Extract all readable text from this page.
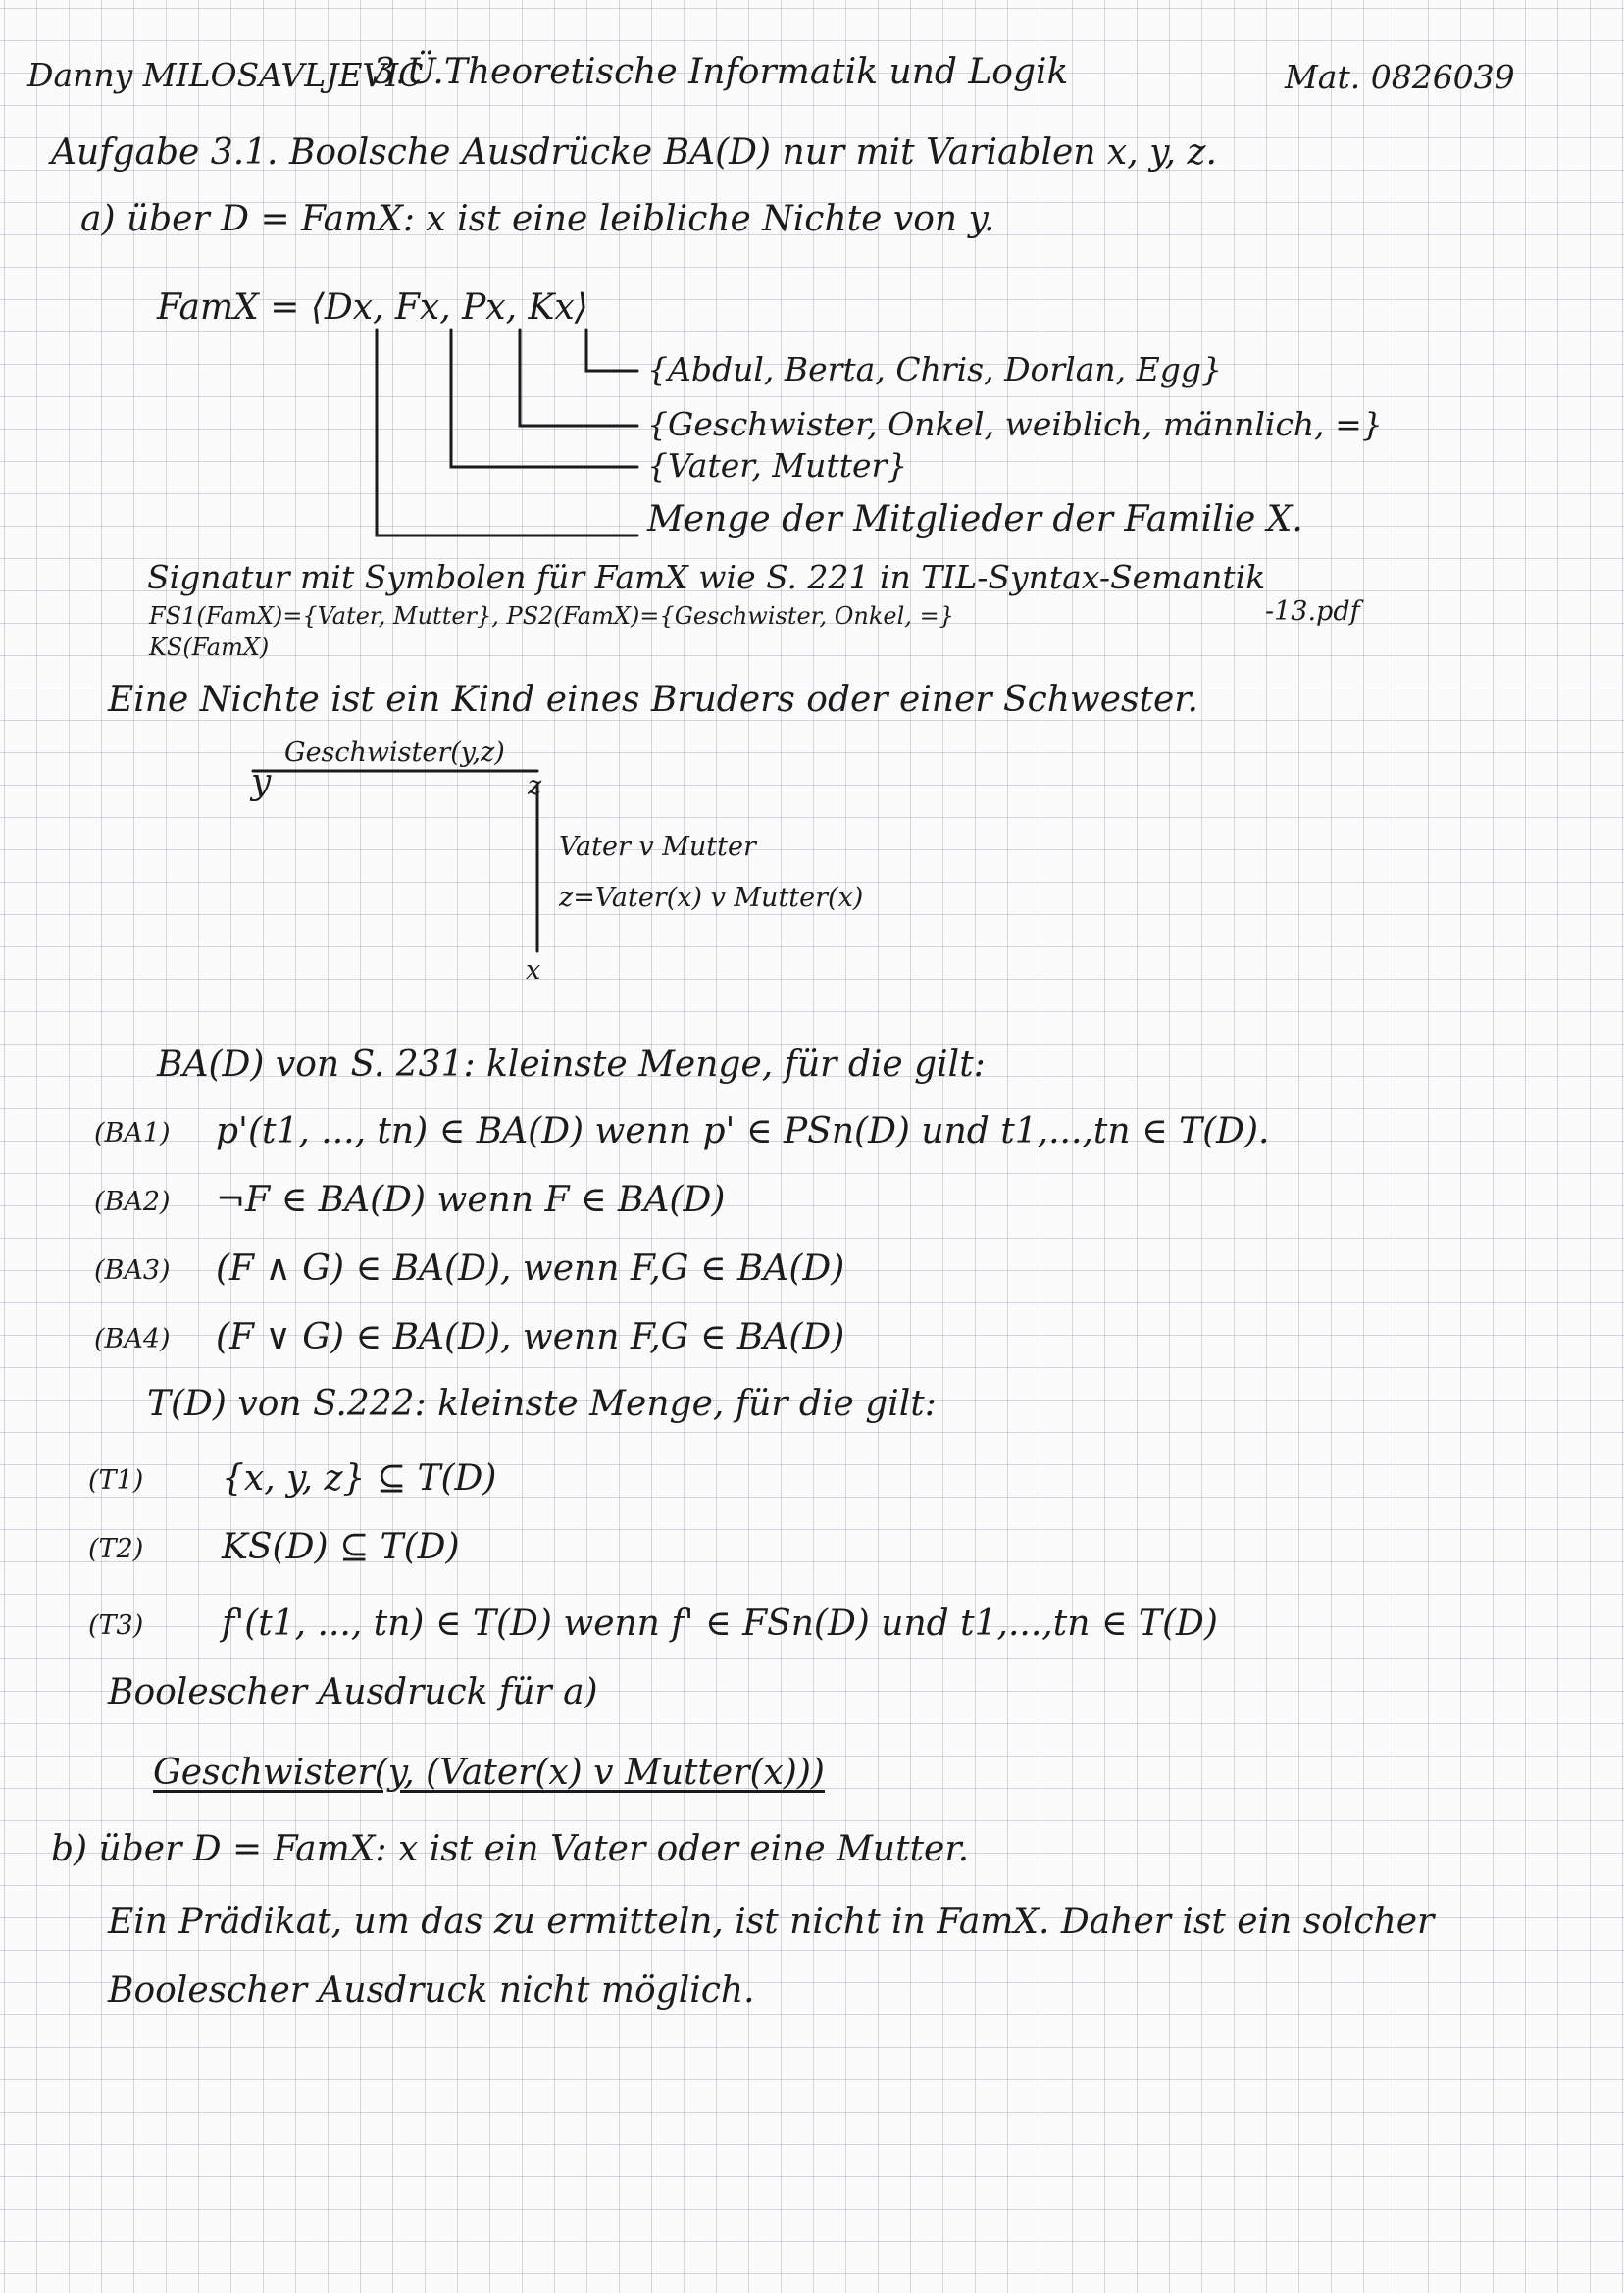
Danny MILOSAVLJEVIC
3.Ü.Theoretische Informatik und Logik	Mat. 0826039
Aufgabe 3.1. Boolsche Ausdrücke BA(D) nur mit Variablen x, y, z.
a) über D = FamX: x ist eine leibliche Nichte von y.
FamX = ⟨Dx, Fx, Px, Kx⟩
{Abdul, Berta, Chris, Dorlan, Egg}
{Geschwister, Onkel, weiblich, männlich, =}
{Vater, Mutter}
Menge der Mitglieder der Familie X.
Signatur mit Symbolen für FamX wie S. 221 in TIL-Syntax-Semantik
-13.pdf
FS1(FamX)={Vater, Mutter}, PS2(FamX)={Geschwister, Onkel, =}
KS(FamX)
Eine Nichte ist ein Kind eines Bruders oder einer Schwester.
Geschwister(y,z)
y	z
Vater v Mutter
z=Vater(x) v Mutter(x)
x
BA(D) von S. 231: kleinste Menge, für die gilt:
(BA1) p'(t1, ..., tn) ∈ BA(D) wenn p' ∈ PSn(D) und t1,...,tn ∈ T(D).
(BA2) ¬F ∈ BA(D) wenn F ∈ BA(D)
(BA3) (F ∧ G) ∈ BA(D), wenn F,G ∈ BA(D)
(BA4) (F ∨ G) ∈ BA(D), wenn F,G ∈ BA(D)
T(D) von S.222: kleinste Menge, für die gilt:
(T1) {x, y, z} ⊆ T(D)
(T2) KS(D) ⊆ T(D)
(T3) f'(t1, ..., tn) ∈ T(D) wenn f' ∈ FSn(D) und t1,...,tn ∈ T(D)
Boolescher Ausdruck für a)
Geschwister(y, (Vater(x) v Mutter(x)))
b) über D = FamX: x ist ein Vater oder eine Mutter.
Ein Prädikat, um das zu ermitteln, ist nicht in FamX. Daher ist ein solcher
Boolescher Ausdruck nicht möglich.
